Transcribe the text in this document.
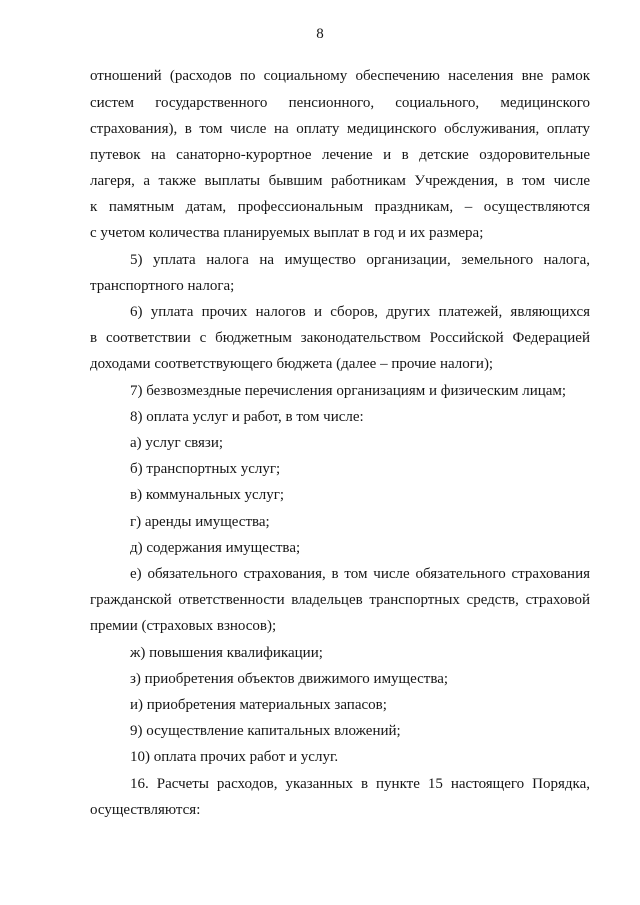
8
отношений (расходов по социальному обеспечению населения вне рамок
систем государственного пенсионного, социального, медицинского
страхования), в том числе на оплату медицинского обслуживания, оплату
путевок на санаторно-курортное лечение и в детские оздоровительные
лагеря, а также выплаты бывшим работникам Учреждения, в том числе
к памятным датам, профессиональным праздникам, – осуществляются
с учетом количества планируемых выплат в год и их размера;
5) уплата налога на имущество организации, земельного налога,
транспортного налога;
6) уплата прочих налогов и сборов, других платежей, являющихся
в соответствии с бюджетным законодательством Российской Федерацией
доходами соответствующего бюджета (далее – прочие налоги);
7) безвозмездные перечисления организациям и физическим лицам;
8) оплата услуг и работ, в том числе:
а) услуг связи;
б) транспортных услуг;
в) коммунальных услуг;
г) аренды имущества;
д) содержания имущества;
е) обязательного страхования, в том числе обязательного страхования
гражданской ответственности владельцев транспортных средств, страховой
премии (страховых взносов);
ж) повышения квалификации;
з) приобретения объектов движимого имущества;
и) приобретения материальных запасов;
9) осуществление капитальных вложений;
10) оплата прочих работ и услуг.
16. Расчеты расходов, указанных в пункте 15 настоящего Порядка,
осуществляются:
